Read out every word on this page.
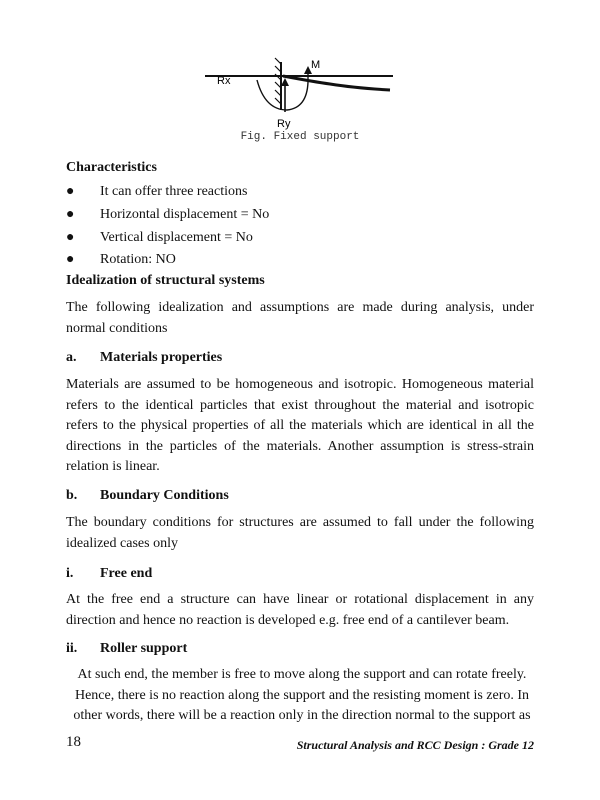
Rx
Ry
M
Fig. Fixed support
Characteristics
● It can offer three reactions
● Horizontal displacement = No
● Vertical displacement = No
● Rotation: NO
Idealization of structural systems
The following idealization and assumptions are made during analysis, under normal conditions
a. Materials properties
Materials are assumed to be homogeneous and isotropic. Homogeneous material refers to the identical particles that exist throughout the material and isotropic refers to the physical properties of all the materials which are identical in all the directions in the particles of the materials. Another assumption is stress-strain relation is linear.
b. Boundary Conditions
The boundary conditions for structures are assumed to fall under the following idealized cases only
i. Free end
At the free end a structure can have linear or rotational displacement in any direction and hence no reaction is developed e.g. free end of a cantilever beam.
ii. Roller support
At such end, the member is free to move along the support and can rotate freely. Hence, there is no reaction along the support and the resisting moment is zero. In other words, there will be a reaction only in the direction normal to the support as
18	Structural Analysis and RCC Design : Grade 12
